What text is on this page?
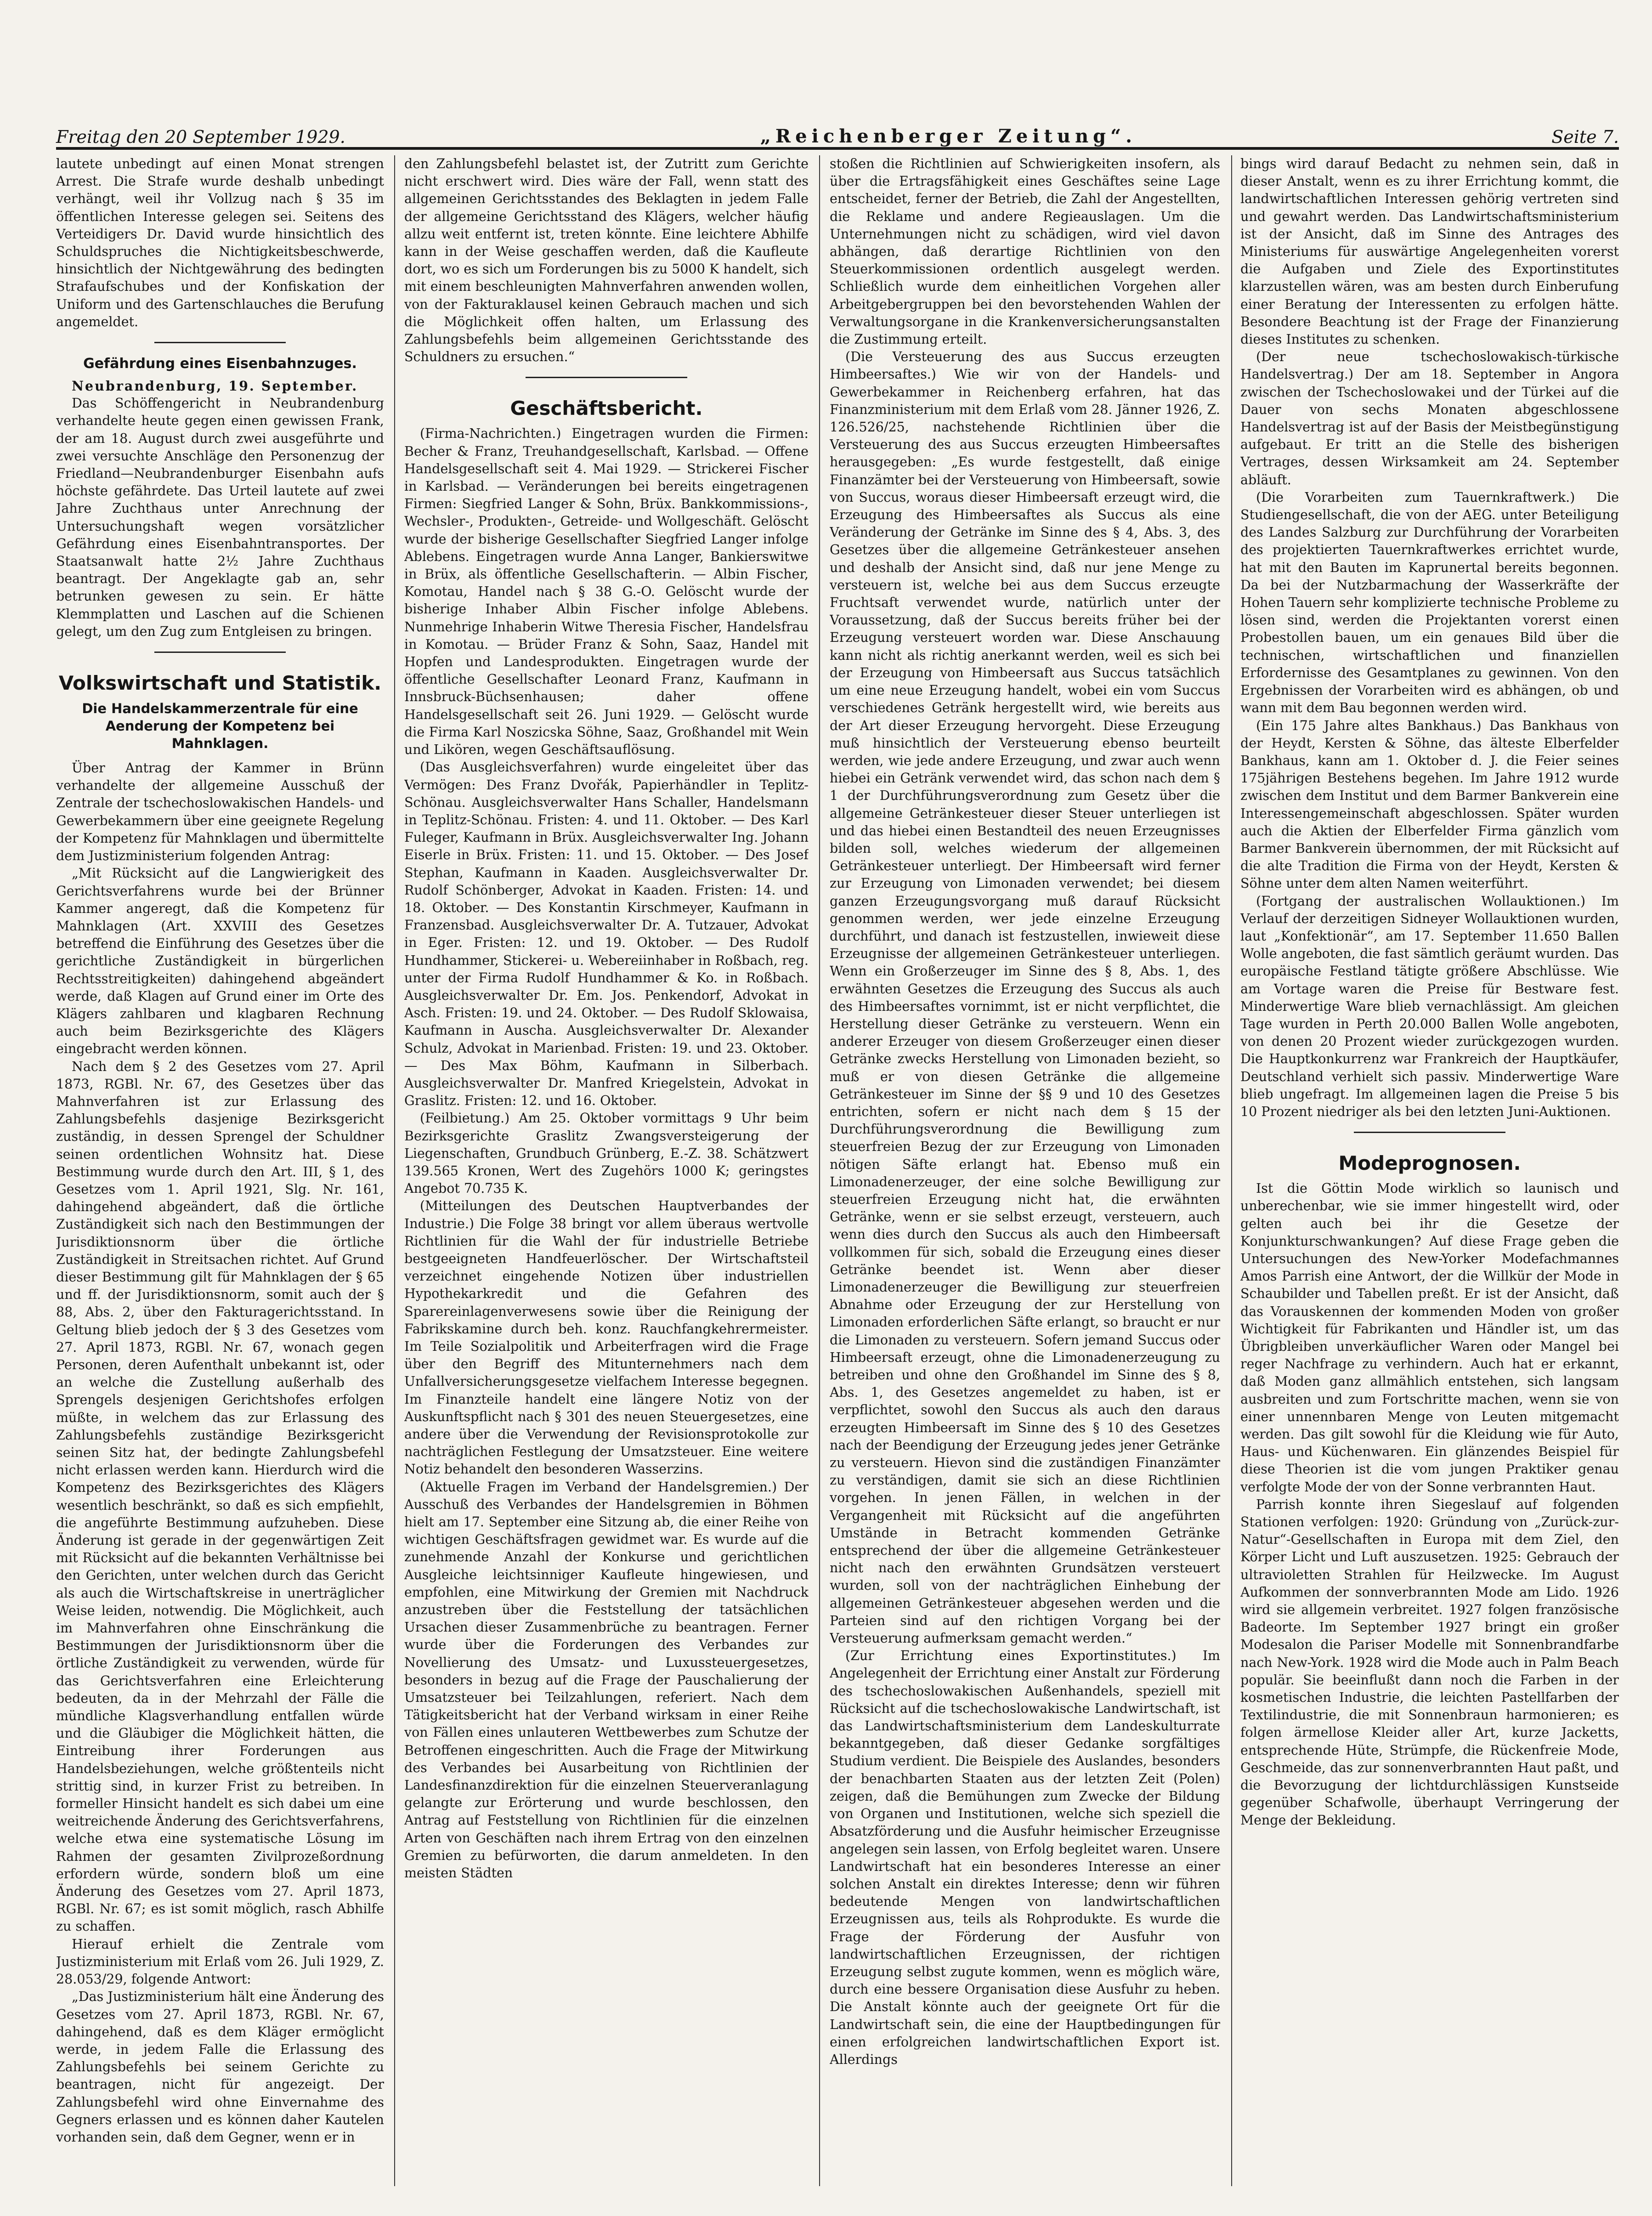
Freitag den 20 September 1929.	„Reichenberger Zeitung“.	Seite 7.

lautete unbedingt auf einen Monat strengen Arrest. Die Strafe wurde deshalb unbedingt verhängt, weil ihr Vollzug nach § 35 im öffentlichen Interesse gelegen sei. Seitens des Verteidigers Dr. David wurde hinsichtlich des Schuldspruches die Nichtigkeitsbeschwerde, hinsichtlich der Nichtgewährung des bedingten Strafaufschubes und der Konfiskation der Uniform und des Gartenschlauches die Berufung angemeldet.

Gefährdung eines Eisenbahnzuges.

Neubrandenburg, 19. September.

Das Schöffengericht in Neubrandenburg verhandelte heute gegen einen gewissen Frank, der am 18. August durch zwei ausgeführte und zwei versuchte Anschläge den Personenzug der Friedland—Neubrandenburger Eisenbahn aufs höchste gefährdete. Das Urteil lautete auf zwei Jahre Zuchthaus unter Anrechnung der Untersuchungshaft wegen vorsätzlicher Gefährdung eines Eisenbahntransportes. Der Staatsanwalt hatte 2½ Jahre Zuchthaus beantragt. Der Angeklagte gab an, sehr betrunken gewesen zu sein. Er hätte Klemmplatten und Laschen auf die Schienen gelegt, um den Zug zum Entgleisen zu bringen.

Volkswirtschaft und Statistik.
Die Handelskammerzentrale für eine Aenderung der Kompetenz bei Mahnklagen.

Über Antrag der Kammer in Brünn verhandelte der allgemeine Ausschuß der Zentrale der tschechoslowakischen Handels- und Gewerbekammern über eine geeignete Regelung der Kompetenz für Mahnklagen und übermittelte dem Justizministerium folgenden Antrag:

„Mit Rücksicht auf die Langwierigkeit des Gerichtsverfahrens wurde bei der Brünner Kammer angeregt, daß die Kompetenz für Mahnklagen (Art. XXVIII des Gesetzes betreffend die Einführung des Gesetzes über die gerichtliche Zuständigkeit in bürgerlichen Rechtsstreitigkeiten) dahingehend abgeändert werde, daß Klagen auf Grund einer im Orte des Klägers zahlbaren und klagbaren Rechnung auch beim Bezirksgerichte des Klägers eingebracht werden können.

Nach dem § 2 des Gesetzes vom 27. April 1873, RGBl. Nr. 67, des Gesetzes über das Mahnverfahren ist zur Erlassung des Zahlungsbefehls dasjenige Bezirksgericht zuständig, in dessen Sprengel der Schuldner seinen ordentlichen Wohnsitz hat. Diese Bestimmung wurde durch den Art. III, § 1, des Gesetzes vom 1. April 1921, Slg. Nr. 161, dahingehend abgeändert, daß die örtliche Zuständigkeit sich nach den Bestimmungen der Jurisdiktionsnorm über die örtliche Zuständigkeit in Streitsachen richtet. Auf Grund dieser Bestimmung gilt für Mahnklagen der § 65 und ff. der Jurisdiktionsnorm, somit auch der § 88, Abs. 2, über den Fakturagerichtsstand. In Geltung blieb jedoch der § 3 des Gesetzes vom 27. April 1873, RGBl. Nr. 67, wonach gegen Personen, deren Aufenthalt unbekannt ist, oder an welche die Zustellung außerhalb des Sprengels desjenigen Gerichtshofes erfolgen müßte, in welchem das zur Erlassung des Zahlungsbefehls zuständige Bezirksgericht seinen Sitz hat, der bedingte Zahlungsbefehl nicht erlassen werden kann. Hierdurch wird die Kompetenz des Bezirksgerichtes des Klägers wesentlich beschränkt, so daß es sich empfiehlt, die angeführte Bestimmung aufzuheben. Diese Änderung ist gerade in der gegenwärtigen Zeit mit Rücksicht auf die bekannten Verhältnisse bei den Gerichten, unter welchen durch das Gericht als auch die Wirtschaftskreise in unerträglicher Weise leiden, notwendig. Die Möglichkeit, auch im Mahnverfahren ohne Einschränkung die Bestimmungen der Jurisdiktionsnorm über die örtliche Zuständigkeit zu verwenden, würde für das Gerichtsverfahren eine Erleichterung bedeuten, da in der Mehrzahl der Fälle die mündliche Klagsverhandlung entfallen würde und die Gläubiger die Möglichkeit hätten, die Eintreibung ihrer Forderungen aus Handelsbeziehungen, welche größtenteils nicht strittig sind, in kurzer Frist zu betreiben. In formeller Hinsicht handelt es sich dabei um eine weitreichende Änderung des Gerichtsverfahrens, welche etwa eine systematische Lösung im Rahmen der gesamten Zivilprozeßordnung erfordern würde, sondern bloß um eine Änderung des Gesetzes vom 27. April 1873, RGBl. Nr. 67; es ist somit möglich, rasch Abhilfe zu schaffen.

Hierauf erhielt die Zentrale vom Justizministerium mit Erlaß vom 26. Juli 1929, Z. 28.053/29, folgende Antwort:

„Das Justizministerium hält eine Änderung des Gesetzes vom 27. April 1873, RGBl. Nr. 67, dahingehend, daß es dem Kläger ermöglicht werde, in jedem Falle die Erlassung des Zahlungsbefehls bei seinem Gerichte zu beantragen, nicht für angezeigt. Der Zahlungsbefehl wird ohne Einvernahme des Gegners erlassen und es können daher Kautelen vorhanden sein, daß dem Gegner, wenn er in

den Zahlungsbefehl belastet ist, der Zutritt zum Gerichte nicht erschwert wird. Dies wäre der Fall, wenn statt des allgemeinen Gerichtsstandes des Beklagten in jedem Falle der allgemeine Gerichtsstand des Klägers, welcher häufig allzu weit entfernt ist, treten könnte. Eine leichtere Abhilfe kann in der Weise geschaffen werden, daß die Kaufleute dort, wo es sich um Forderungen bis zu 5000 K handelt, sich mit einem beschleunigten Mahnverfahren anwenden wollen, von der Fakturaklausel keinen Gebrauch machen und sich die Möglichkeit offen halten, um Erlassung des Zahlungsbefehls beim allgemeinen Gerichtsstande des Schuldners zu ersuchen.“

Geschäftsbericht.

(Firma-Nachrichten.) Eingetragen wurden die Firmen: Becher & Franz, Treuhandgesellschaft, Karlsbad. — Offene Handelsgesellschaft seit 4. Mai 1929. — Strickerei Fischer in Karlsbad. — Veränderungen bei bereits eingetragenen Firmen: Siegfried Langer & Sohn, Brüx. Bankkommissions-, Wechsler-, Produkten-, Getreide- und Wollgeschäft. Gelöscht wurde der bisherige Gesellschafter Siegfried Langer infolge Ablebens. Eingetragen wurde Anna Langer, Bankierswitwe in Brüx, als öffentliche Gesellschafterin. — Albin Fischer, Komotau, Handel nach § 38 G.-O. Gelöscht wurde der bisherige Inhaber Albin Fischer infolge Ablebens. Nunmehrige Inhaberin Witwe Theresia Fischer, Handelsfrau in Komotau. — Brüder Franz & Sohn, Saaz, Handel mit Hopfen und Landesprodukten. Eingetragen wurde der öffentliche Gesellschafter Leonard Franz, Kaufmann in Innsbruck-Büchsenhausen; daher offene Handelsgesellschaft seit 26. Juni 1929. — Gelöscht wurde die Firma Karl Noszicska Söhne, Saaz, Großhandel mit Wein und Likören, wegen Geschäftsauflösung.

(Das Ausgleichsverfahren) wurde eingeleitet über das Vermögen: Des Franz Dvořák, Papierhändler in Teplitz-Schönau. Ausgleichsverwalter Hans Schaller, Handelsmann in Teplitz-Schönau. Fristen: 4. und 11. Oktober. — Des Karl Fuleger, Kaufmann in Brüx. Ausgleichsverwalter Ing. Johann Eiserle in Brüx. Fristen: 11. und 15. Oktober. — Des Josef Stephan, Kaufmann in Kaaden. Ausgleichsverwalter Dr. Rudolf Schönberger, Advokat in Kaaden. Fristen: 14. und 18. Oktober. — Des Konstantin Kirschmeyer, Kaufmann in Franzensbad. Ausgleichsverwalter Dr. A. Tutzauer, Advokat in Eger. Fristen: 12. und 19. Oktober. — Des Rudolf Hundhammer, Stickerei- u. Webereiinhaber in Roßbach, reg. unter der Firma Rudolf Hundhammer & Ko. in Roßbach. Ausgleichsverwalter Dr. Em. Jos. Penkendorf, Advokat in Asch. Fristen: 19. und 24. Oktober. — Des Rudolf Sklowaisa, Kaufmann in Auscha. Ausgleichsverwalter Dr. Alexander Schulz, Advokat in Marienbad. Fristen: 19. und 23. Oktober. — Des Max Böhm, Kaufmann in Silberbach. Ausgleichsverwalter Dr. Manfred Kriegelstein, Advokat in Graslitz. Fristen: 12. und 16. Oktober.

(Feilbietung.) Am 25. Oktober vormittags 9 Uhr beim Bezirksgerichte Graslitz Zwangsversteigerung der Liegenschaften, Grundbuch Grünberg, E.-Z. 38. Schätzwert 139.565 Kronen, Wert des Zugehörs 1000 K; geringstes Angebot 70.735 K.

(Mitteilungen des Deutschen Hauptverbandes der Industrie.) Die Folge 38 bringt vor allem überaus wertvolle Richtlinien für die Wahl der für industrielle Betriebe bestgeeigneten Handfeuerlöscher. Der Wirtschaftsteil verzeichnet eingehende Notizen über industriellen Hypothekarkredit und die Gefahren des Sparereinlagenverwesens sowie über die Reinigung der Fabrikskamine durch beh. konz. Rauchfangkehrermeister. Im Teile Sozialpolitik und Arbeiterfragen wird die Frage über den Begriff des Mitunternehmers nach dem Unfallversicherungsgesetze vielfachem Interesse begegnen. Im Finanzteile handelt eine längere Notiz von der Auskunftspflicht nach § 301 des neuen Steuergesetzes, eine andere über die Verwendung der Revisionsprotokolle zur nachträglichen Festlegung der Umsatzsteuer. Eine weitere Notiz behandelt den besonderen Wasserzins.

(Aktuelle Fragen im Verband der Handelsgremien.) Der Ausschuß des Verbandes der Handelsgremien in Böhmen hielt am 17. September eine Sitzung ab, die einer Reihe von wichtigen Geschäftsfragen gewidmet war. Es wurde auf die zunehmende Anzahl der Konkurse und gerichtlichen Ausgleiche leichtsinniger Kaufleute hingewiesen, und empfohlen, eine Mitwirkung der Gremien mit Nachdruck anzustreben über die Feststellung der tatsächlichen Ursachen dieser Zusammenbrüche zu beantragen. Ferner wurde über die Forderungen des Verbandes zur Novellierung des Umsatz- und Luxussteuergesetzes, besonders in bezug auf die Frage der Pauschalierung der Umsatzsteuer bei Teilzahlungen, referiert. Nach dem Tätigkeitsbericht hat der Verband wirksam in einer Reihe von Fällen eines unlauteren Wettbewerbes zum Schutze der Betroffenen eingeschritten. Auch die Frage der Mitwirkung des Verbandes bei Ausarbeitung von Richtlinien der Landesfinanzdirektion für die einzelnen Steuerveranlagung gelangte zur Erörterung und wurde beschlossen, den Antrag auf Feststellung von Richtlinien für die einzelnen Arten von Geschäften nach ihrem Ertrag von den einzelnen Gremien zu befürworten, die darum anmeldeten. In den meisten Städten

stoßen die Richtlinien auf Schwierigkeiten insofern, als über die Ertragsfähigkeit eines Geschäftes seine Lage entscheidet, ferner der Betrieb, die Zahl der Angestellten, die Reklame und andere Regieauslagen. Um die Unternehmungen nicht zu schädigen, wird viel davon abhängen, daß derartige Richtlinien von den Steuerkommissionen ordentlich ausgelegt werden. Schließlich wurde dem einheitlichen Vorgehen aller Arbeitgebergruppen bei den bevorstehenden Wahlen der Verwaltungsorgane in die Krankenversicherungsanstalten die Zustimmung erteilt.

(Die Versteuerung des aus Succus erzeugten Himbeersaftes.) Wie wir von der Handels- und Gewerbekammer in Reichenberg erfahren, hat das Finanzministerium mit dem Erlaß vom 28. Jänner 1926, Z. 126.526/25, nachstehende Richtlinien über die Versteuerung des aus Succus erzeugten Himbeersaftes herausgegeben: „Es wurde festgestellt, daß einige Finanzämter bei der Versteuerung von Himbeersaft, sowie von Succus, woraus dieser Himbeersaft erzeugt wird, die Erzeugung des Himbeersaftes als Succus als eine Veränderung der Getränke im Sinne des § 4, Abs. 3, des Gesetzes über die allgemeine Getränkesteuer ansehen und deshalb der Ansicht sind, daß nur jene Menge zu versteuern ist, welche bei aus dem Succus erzeugte Fruchtsaft verwendet wurde, natürlich unter der Voraussetzung, daß der Succus bereits früher bei der Erzeugung versteuert worden war. Diese Anschauung kann nicht als richtig anerkannt werden, weil es sich bei der Erzeugung von Himbeersaft aus Succus tatsächlich um eine neue Erzeugung handelt, wobei ein vom Succus verschiedenes Getränk hergestellt wird, wie bereits aus der Art dieser Erzeugung hervorgeht. Diese Erzeugung muß hinsichtlich der Versteuerung ebenso beurteilt werden, wie jede andere Erzeugung, und zwar auch wenn hiebei ein Getränk verwendet wird, das schon nach dem § 1 der Durchführungsverordnung zum Gesetz über die allgemeine Getränkesteuer dieser Steuer unterliegen ist und das hiebei einen Bestandteil des neuen Erzeugnisses bilden soll, welches wiederum der allgemeinen Getränkesteuer unterliegt. Der Himbeersaft wird ferner zur Erzeugung von Limonaden verwendet; bei diesem ganzen Erzeugungsvorgang muß darauf Rücksicht genommen werden, wer jede einzelne Erzeugung durchführt, und danach ist festzustellen, inwieweit diese Erzeugnisse der allgemeinen Getränkesteuer unterliegen. Wenn ein Großerzeuger im Sinne des § 8, Abs. 1, des erwähnten Gesetzes die Erzeugung des Succus als auch des Himbeersaftes vornimmt, ist er nicht verpflichtet, die Herstellung dieser Getränke zu versteuern. Wenn ein anderer Erzeuger von diesem Großerzeuger einen dieser Getränke zwecks Herstellung von Limonaden bezieht, so muß er von diesen Getränke die allgemeine Getränkesteuer im Sinne der §§ 9 und 10 des Gesetzes entrichten, sofern er nicht nach dem § 15 der Durchführungsverordnung die Bewilligung zum steuerfreien Bezug der zur Erzeugung von Limonaden nötigen Säfte erlangt hat. Ebenso muß ein Limonadenerzeuger, der eine solche Bewilligung zur steuerfreien Erzeugung nicht hat, die erwähnten Getränke, wenn er sie selbst erzeugt, versteuern, auch wenn dies durch den Succus als auch den Himbeersaft vollkommen für sich, sobald die Erzeugung eines dieser Getränke beendet ist. Wenn aber dieser Limonadenerzeuger die Bewilligung zur steuerfreien Abnahme oder Erzeugung der zur Herstellung von Limonaden erforderlichen Säfte erlangt, so braucht er nur die Limonaden zu versteuern. Sofern jemand Succus oder Himbeersaft erzeugt, ohne die Limonadenerzeugung zu betreiben und ohne den Großhandel im Sinne des § 8, Abs. 1, des Gesetzes angemeldet zu haben, ist er verpflichtet, sowohl den Succus als auch den daraus erzeugten Himbeersaft im Sinne des § 10 des Gesetzes nach der Beendigung der Erzeugung jedes jener Getränke zu versteuern. Hievon sind die zuständigen Finanzämter zu verständigen, damit sie sich an diese Richtlinien vorgehen. In jenen Fällen, in welchen in der Vergangenheit mit Rücksicht auf die angeführten Umstände in Betracht kommenden Getränke entsprechend der über die allgemeine Getränkesteuer nicht nach den erwähnten Grundsätzen versteuert wurden, soll von der nachträglichen Einhebung der allgemeinen Getränkesteuer abgesehen werden und die Parteien sind auf den richtigen Vorgang bei der Versteuerung aufmerksam gemacht werden.“

(Zur Errichtung eines Exportinstitutes.) Im Angelegenheit der Errichtung einer Anstalt zur Förderung des tschechoslowakischen Außenhandels, speziell mit Rücksicht auf die tschechoslowakische Landwirtschaft, ist das Landwirtschaftsministerium dem Landeskulturrate bekanntgegeben, daß dieser Gedanke sorgfältiges Studium verdient. Die Beispiele des Auslandes, besonders der benachbarten Staaten aus der letzten Zeit (Polen) zeigen, daß die Bemühungen zum Zwecke der Bildung von Organen und Institutionen, welche sich speziell die Absatzförderung und die Ausfuhr heimischer Erzeugnisse angelegen sein lassen, von Erfolg begleitet waren. Unsere Landwirtschaft hat ein besonderes Interesse an einer solchen Anstalt ein direktes Interesse; denn wir führen bedeutende Mengen von landwirtschaftlichen Erzeugnissen aus, teils als Rohprodukte. Es wurde die Frage der Förderung der Ausfuhr von landwirtschaftlichen Erzeugnissen, der richtigen Erzeugung selbst zugute kommen, wenn es möglich wäre, durch eine bessere Organisation diese Ausfuhr zu heben. Die Anstalt könnte auch der geeignete Ort für die Landwirtschaft sein, die eine der Hauptbedingungen für einen erfolgreichen landwirtschaftlichen Export ist. Allerdings

bings wird darauf Bedacht zu nehmen sein, daß in dieser Anstalt, wenn es zu ihrer Errichtung kommt, die landwirtschaftlichen Interessen gehörig vertreten sind und gewahrt werden. Das Landwirtschaftsministerium ist der Ansicht, daß im Sinne des Antrages des Ministeriums für auswärtige Angelegenheiten vorerst die Aufgaben und Ziele des Exportinstitutes klarzustellen wären, was am besten durch Einberufung einer Beratung der Interessenten zu erfolgen hätte. Besondere Beachtung ist der Frage der Finanzierung dieses Institutes zu schenken.

(Der neue tschechoslowakisch-türkische Handelsvertrag.) Der am 18. September in Angora zwischen der Tschechoslowakei und der Türkei auf die Dauer von sechs Monaten abgeschlossene Handelsvertrag ist auf der Basis der Meistbegünstigung aufgebaut. Er tritt an die Stelle des bisherigen Vertrages, dessen Wirksamkeit am 24. September abläuft.

(Die Vorarbeiten zum Tauernkraftwerk.) Die Studiengesellschaft, die von der AEG. unter Beteiligung des Landes Salzburg zur Durchführung der Vorarbeiten des projektierten Tauernkraftwerkes errichtet wurde, hat mit den Bauten im Kaprunertal bereits begonnen. Da bei der Nutzbarmachung der Wasserkräfte der Hohen Tauern sehr komplizierte technische Probleme zu lösen sind, werden die Projektanten vorerst einen Probestollen bauen, um ein genaues Bild über die technischen, wirtschaftlichen und finanziellen Erfordernisse des Gesamtplanes zu gewinnen. Von den Ergebnissen der Vorarbeiten wird es abhängen, ob und wann mit dem Bau begonnen werden wird.

(Ein 175 Jahre altes Bankhaus.) Das Bankhaus von der Heydt, Kersten & Söhne, das älteste Elberfelder Bankhaus, kann am 1. Oktober d. J. die Feier seines 175jährigen Bestehens begehen. Im Jahre 1912 wurde zwischen dem Institut und dem Barmer Bankverein eine Interessengemeinschaft abgeschlossen. Später wurden auch die Aktien der Elberfelder Firma gänzlich vom Barmer Bankverein übernommen, der mit Rücksicht auf die alte Tradition die Firma von der Heydt, Kersten & Söhne unter dem alten Namen weiterführt.

(Fortgang der australischen Wollauktionen.) Im Verlauf der derzeitigen Sidneyer Wollauktionen wurden, laut „Konfektionär“, am 17. September 11.650 Ballen Wolle angeboten, die fast sämtlich geräumt wurden. Das europäische Festland tätigte größere Abschlüsse. Wie am Vortage waren die Preise für Bestware fest. Minderwertige Ware blieb vernachlässigt. Am gleichen Tage wurden in Perth 20.000 Ballen Wolle angeboten, von denen 20 Prozent wieder zurückgezogen wurden. Die Hauptkonkurrenz war Frankreich der Hauptkäufer, Deutschland verhielt sich passiv. Minderwertige Ware blieb ungefragt. Im allgemeinen lagen die Preise 5 bis 10 Prozent niedriger als bei den letzten Juni-Auktionen.

Modeprognosen.

Ist die Göttin Mode wirklich so launisch und unberechenbar, wie sie immer hingestellt wird, oder gelten auch bei ihr die Gesetze der Konjunkturschwankungen? Auf diese Frage geben die Untersuchungen des New-Yorker Modefachmannes Amos Parrish eine Antwort, der die Willkür der Mode in Schaubilder und Tabellen preßt. Er ist der Ansicht, daß das Vorauskennen der kommenden Moden von großer Wichtigkeit für Fabrikanten und Händler ist, um das Übrigbleiben unverkäuflicher Waren oder Mangel bei reger Nachfrage zu verhindern. Auch hat er erkannt, daß Moden ganz allmählich entstehen, sich langsam ausbreiten und zum Fortschritte machen, wenn sie von einer unnennbaren Menge von Leuten mitgemacht werden. Das gilt sowohl für die Kleidung wie für Auto, Haus- und Küchenwaren. Ein glänzendes Beispiel für diese Theorien ist die vom jungen Praktiker genau verfolgte Mode der von der Sonne verbrannten Haut.

Parrish konnte ihren Siegeslauf auf folgenden Stationen verfolgen: 1920: Gründung von „Zurück-zur-Natur“-Gesellschaften in Europa mit dem Ziel, den Körper Licht und Luft auszusetzen. 1925: Gebrauch der ultravioletten Strahlen für Heilzwecke. Im August Aufkommen der sonnverbrannten Mode am Lido. 1926 wird sie allgemein verbreitet. 1927 folgen französische Badeorte. Im September 1927 bringt ein großer Modesalon die Pariser Modelle mit Sonnenbrandfarbe nach New-York. 1928 wird die Mode auch in Palm Beach populär. Sie beeinflußt dann noch die Farben in der kosmetischen Industrie, die leichten Pastellfarben der Textilindustrie, die mit Sonnenbraun harmonieren; es folgen ärmellose Kleider aller Art, kurze Jacketts, entsprechende Hüte, Strümpfe, die Rückenfreie Mode, Geschmeide, das zur sonnenverbrannten Haut paßt, und die Bevorzugung der lichtdurchlässigen Kunstseide gegenüber Schafwolle, überhaupt Verringerung der Menge der Bekleidung.
